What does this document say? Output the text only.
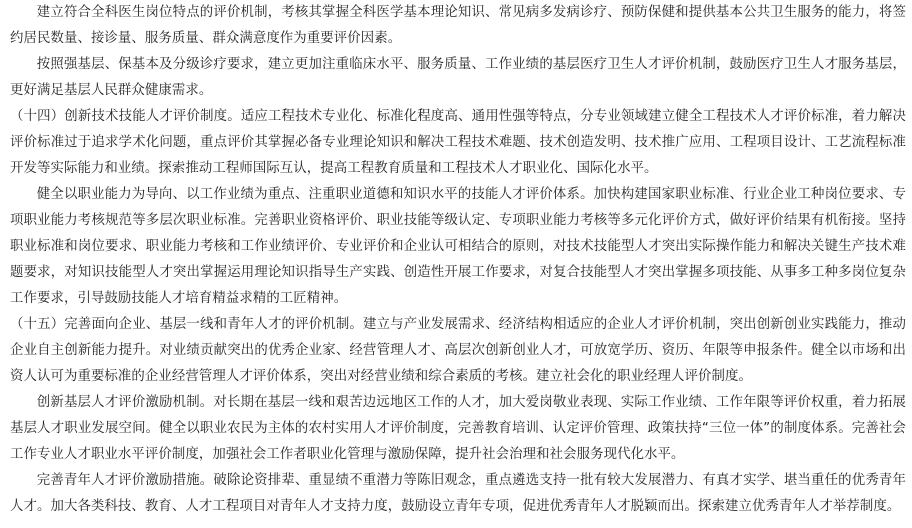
建立符合全科医生岗位特点的评价机制，考核其掌握全科医学基本理论知识、常见病多发病诊疗、预防保健和提供基本公共卫生服务的能力，将签约居民数量、接诊量、服务质量、群众满意度作为重要评价因素。

按照强基层、保基本及分级诊疗要求，建立更加注重临床水平、服务质量、工作业绩的基层医疗卫生人才评价机制，鼓励医疗卫生人才服务基层，更好满足基层人民群众健康需求。

（十四）创新技术技能人才评价制度。适应工程技术专业化、标准化程度高、通用性强等特点，分专业领域建立健全工程技术人才评价标准，着力解决评价标准过于追求学术化问题，重点评价其掌握必备专业理论知识和解决工程技术难题、技术创造发明、技术推广应用、工程项目设计、工艺流程标准开发等实际能力和业绩。探索推动工程师国际互认，提高工程教育质量和工程技术人才职业化、国际化水平。

健全以职业能力为导向、以工作业绩为重点、注重职业道德和知识水平的技能人才评价体系。加快构建国家职业标准、行业企业工种岗位要求、专项职业能力考核规范等多层次职业标准。完善职业资格评价、职业技能等级认定、专项职业能力考核等多元化评价方式，做好评价结果有机衔接。坚持职业标准和岗位要求、职业能力考核和工作业绩评价、专业评价和企业认可相结合的原则，对技术技能型人才突出实际操作能力和解决关键生产技术难题要求，对知识技能型人才突出掌握运用理论知识指导生产实践、创造性开展工作要求，对复合技能型人才突出掌握多项技能、从事多工种多岗位复杂工作要求，引导鼓励技能人才培育精益求精的工匠精神。

（十五）完善面向企业、基层一线和青年人才的评价机制。建立与产业发展需求、经济结构相适应的企业人才评价机制，突出创新创业实践能力，推动企业自主创新能力提升。对业绩贡献突出的优秀企业家、经营管理人才、高层次创新创业人才，可放宽学历、资历、年限等申报条件。健全以市场和出资人认可为重要标准的企业经营管理人才评价体系，突出对经营业绩和综合素质的考核。建立社会化的职业经理人评价制度。

创新基层人才评价激励机制。对长期在基层一线和艰苦边远地区工作的人才，加大爱岗敬业表现、实际工作业绩、工作年限等评价权重，着力拓展基层人才职业发展空间。健全以职业农民为主体的农村实用人才评价制度，完善教育培训、认定评价管理、政策扶持“三位一体”的制度体系。完善社会工作专业人才职业水平评价制度，加强社会工作者职业化管理与激励保障，提升社会治理和社会服务现代化水平。

完善青年人才评价激励措施。破除论资排辈、重显绩不重潜力等陈旧观念，重点遴选支持一批有较大发展潜力、有真才实学、堪当重任的优秀青年人才。加大各类科技、教育、人才工程项目对青年人才支持力度，鼓励设立青年专项，促进优秀青年人才脱颖而出。探索建立优秀青年人才举荐制度。
